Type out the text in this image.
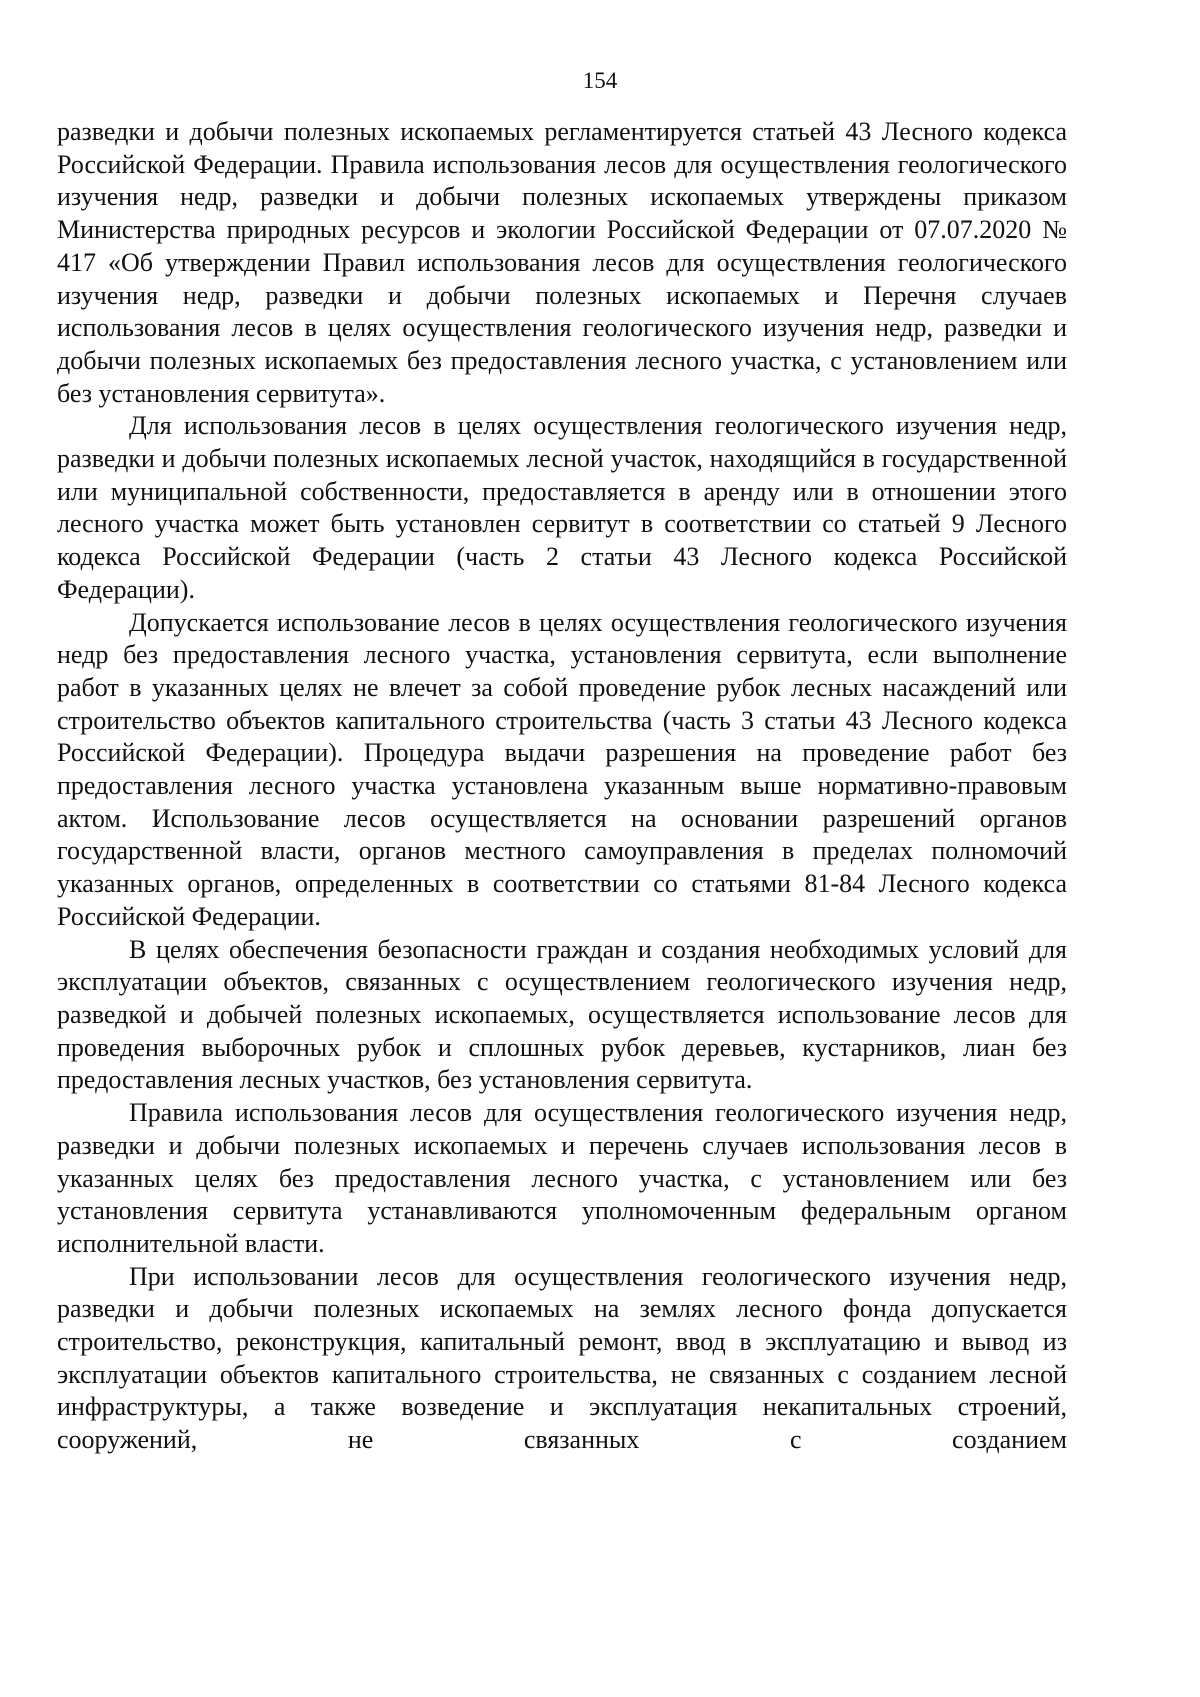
154

разведки и добычи полезных ископаемых регламентируется статьей 43 Лесного кодекса Российской Федерации. Правила использования лесов для осуществления геологического изучения недр, разведки и добычи полезных ископаемых утверждены приказом Министерства природных ресурсов и экологии Российской Федерации от 07.07.2020 № 417 «Об утверждении Правил использования лесов для осуществления геологического изучения недр, разведки и добычи полезных ископаемых и Перечня случаев использования лесов в целях осуществления геологического изучения недр, разведки и добычи полезных ископаемых без предоставления лесного участка, с установлением или без установления сервитута».

Для использования лесов в целях осуществления геологического изучения недр, разведки и добычи полезных ископаемых лесной участок, находящийся в государственной или муниципальной собственности, предоставляется в аренду или в отношении этого лесного участка может быть установлен сервитут в соответствии со статьей 9 Лесного кодекса Российской Федерации (часть 2 статьи 43 Лесного кодекса Российской Федерации).

Допускается использование лесов в целях осуществления геологического изучения недр без предоставления лесного участка, установления сервитута, если выполнение работ в указанных целях не влечет за собой проведение рубок лесных насаждений или строительство объектов капитального строительства (часть 3 статьи 43 Лесного кодекса Российской Федерации). Процедура выдачи разрешения на проведение работ без предоставления лесного участка установлена указанным выше нормативно-правовым актом. Использование лесов осуществляется на основании разрешений органов государственной власти, органов местного самоуправления в пределах полномочий указанных органов, определенных в соответствии со статьями 81-84 Лесного кодекса Российской Федерации.

В целях обеспечения безопасности граждан и создания необходимых условий для эксплуатации объектов, связанных с осуществлением геологического изучения недр, разведкой и добычей полезных ископаемых, осуществляется использование лесов для проведения выборочных рубок и сплошных рубок деревьев, кустарников, лиан без предоставления лесных участков, без установления сервитута.

Правила использования лесов для осуществления геологического изучения недр, разведки и добычи полезных ископаемых и перечень случаев использования лесов в указанных целях без предоставления лесного участка, с установлением или без установления сервитута устанавливаются уполномоченным федеральным органом исполнительной власти.

При использовании лесов для осуществления геологического изучения недр, разведки и добычи полезных ископаемых на землях лесного фонда допускается строительство, реконструкция, капитальный ремонт, ввод в эксплуатацию и вывод из эксплуатации объектов капитального строительства, не связанных с созданием лесной инфраструктуры, а также возведение и эксплуатация некапитальных строений, сооружений, не связанных с созданием
